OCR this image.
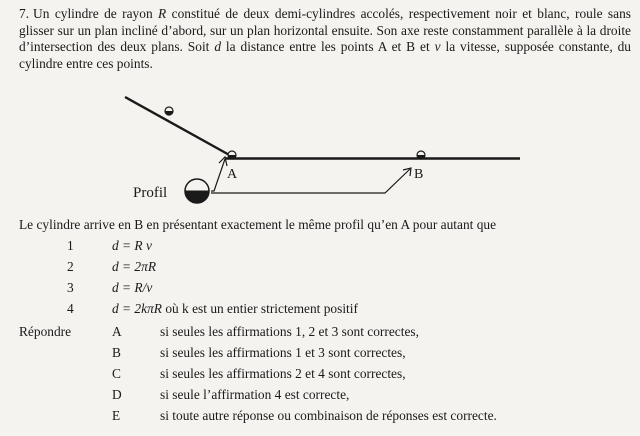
7. Un cylindre de rayon R constitué de deux demi-cylindres accolés, respectivement noir et blanc, roule sans glisser sur un plan incliné d’abord, sur un plan horizontal ensuite. Son axe reste constamment parallèle à la droite d’intersection des deux plans. Soit d la distance entre les points A et B et v la vitesse, supposée constante, du cylindre entre ces points.
A	B
Profil
Le cylindre arrive en B en présentant exactement le même profil qu’en A pour autant que
1	d = R v
2	d = 2πR
3	d = R/v
4	d = 2kπR où k est un entier strictement positif
Répondre	A	si seules les affirmations 1, 2 et 3 sont correctes,
B	si seules les affirmations 1 et 3 sont correctes,
C	si seules les affirmations 2 et 4 sont correctes,
D	si seule l’affirmation 4 est correcte,
E	si toute autre réponse ou combinaison de réponses est correcte.
